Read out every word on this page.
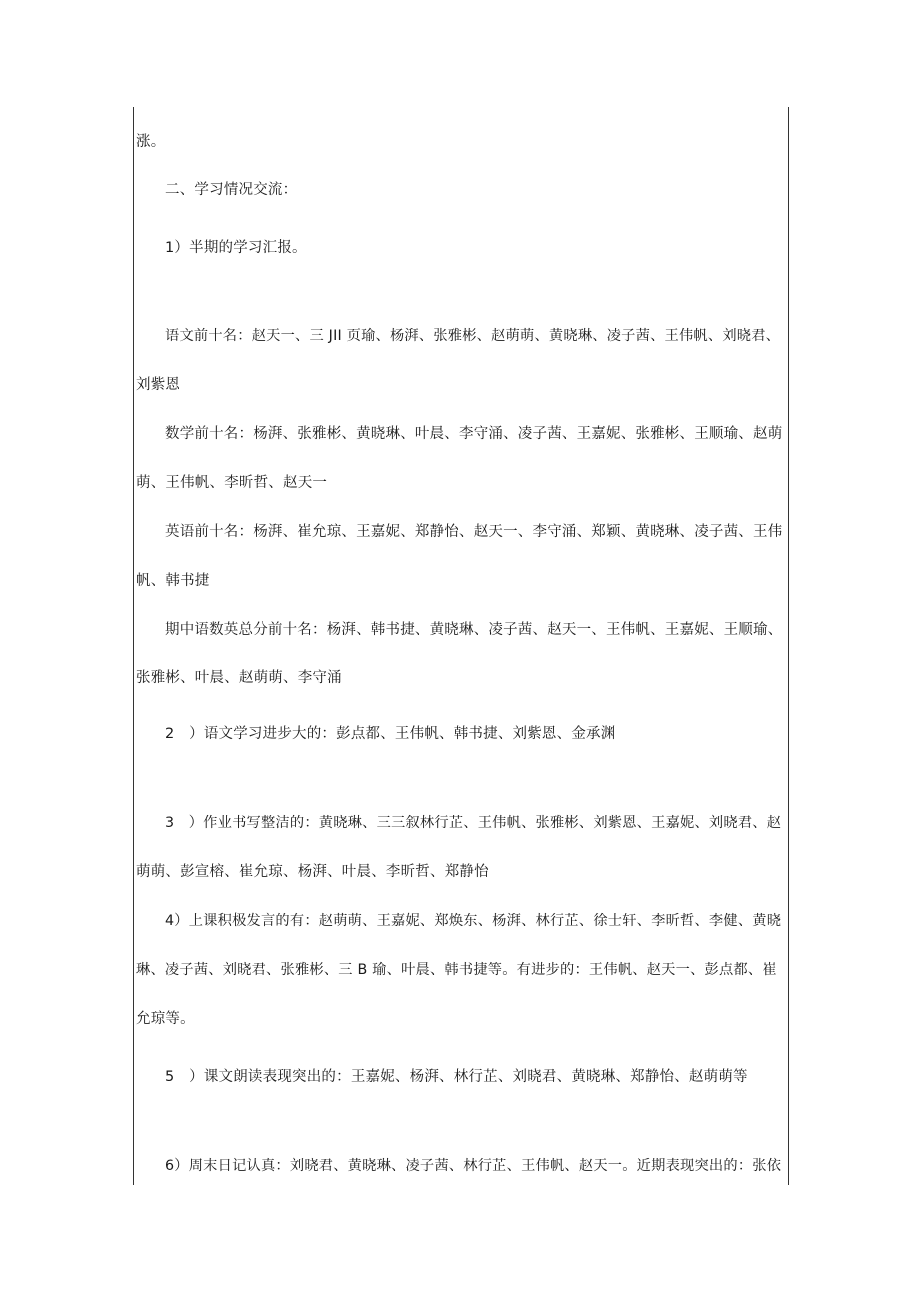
涨。
二、学习情况交流：
1）半期的学习汇报。
语文前十名：赵天一、三 JII 页瑜、杨湃、张雅彬、赵萌萌、黄晓琳、凌子茜、王伟帆、刘晓君、
刘紫恩
数学前十名：杨湃、张雅彬、黄晓琳、叶晨、李守涌、凌子茜、王嘉妮、张雅彬、王顺瑜、赵萌
萌、王伟帆、李昕哲、赵天一
英语前十名：杨湃、崔允琼、王嘉妮、郑静怡、赵天一、李守涌、郑颖、黄晓琳、凌子茜、王伟
帆、韩书捷
期中语数英总分前十名：杨湃、韩书捷、黄晓琳、凌子茜、赵天一、王伟帆、王嘉妮、王顺瑜、
张雅彬、叶晨、赵萌萌、李守涌
2　）语文学习进步大的：彭点都、王伟帆、韩书捷、刘紫恩、金承渊
3　）作业书写整洁的：黄晓琳、三三叙林行芷、王伟帆、张雅彬、刘紫恩、王嘉妮、刘晓君、赵
萌萌、彭宣榕、崔允琼、杨湃、叶晨、李昕哲、郑静怡
4）上课积极发言的有：赵萌萌、王嘉妮、郑焕东、杨湃、林行芷、徐士轩、李昕哲、李健、黄晓
琳、凌子茜、刘晓君、张雅彬、三 B 瑜、叶晨、韩书捷等。有进步的：王伟帆、赵天一、彭点都、崔
允琼等。
5　）课文朗读表现突出的：王嘉妮、杨湃、林行芷、刘晓君、黄晓琳、郑静怡、赵萌萌等
6）周末日记认真：刘晓君、黄晓琳、凌子茜、林行芷、王伟帆、赵天一。近期表现突出的：张依
